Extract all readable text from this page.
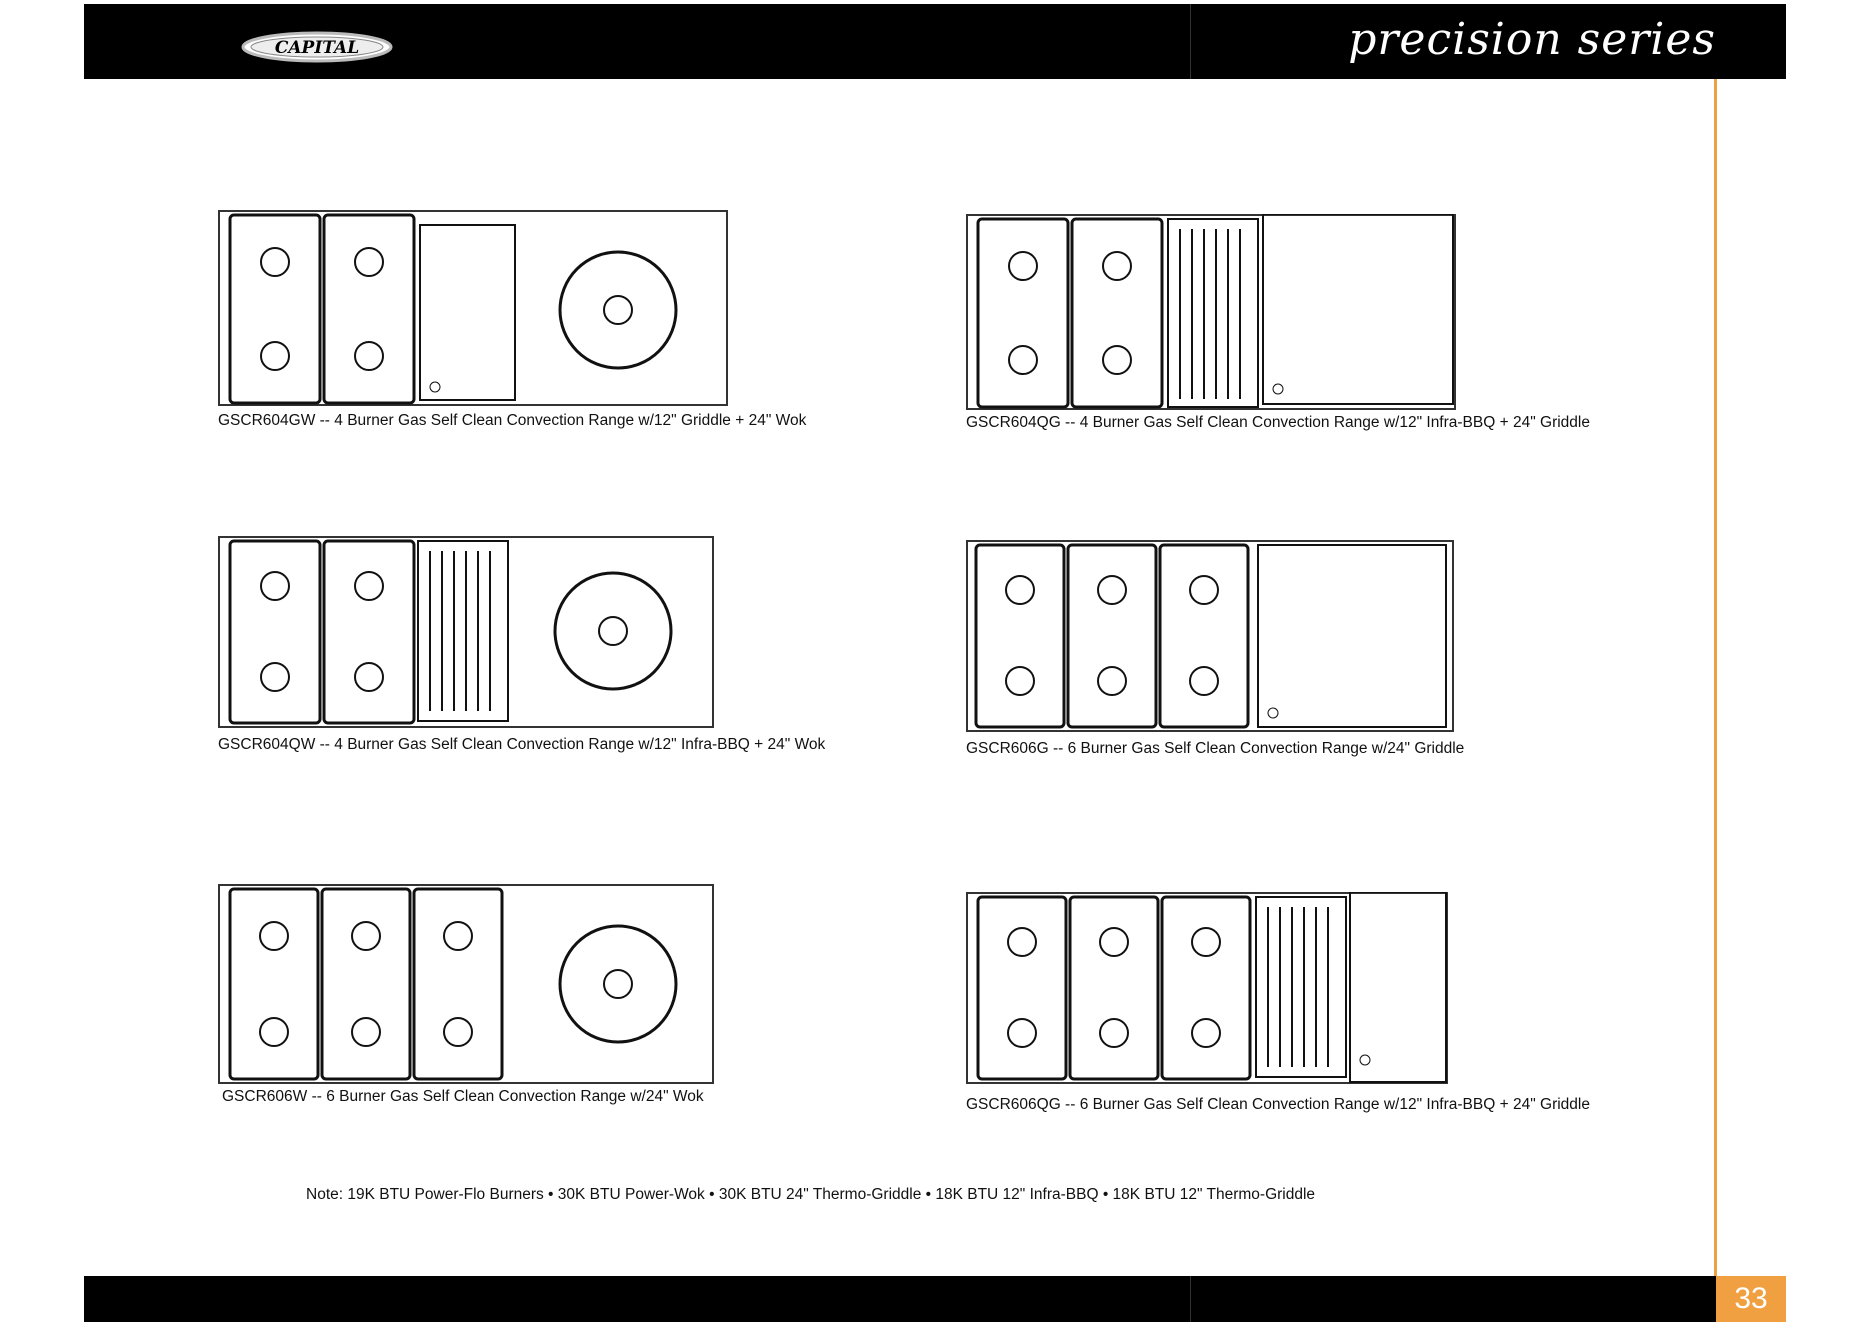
CAPITAL	precision series
GSCR604GW -- 4 Burner Gas Self Clean Convection Range w/12" Griddle + 24" Wok	GSCR604QG -- 4 Burner Gas Self Clean Convection Range w/12" Infra-BBQ + 24" Griddle
GSCR604QW -- 4 Burner Gas Self Clean Convection Range w/12" Infra-BBQ + 24" Wok	GSCR606G -- 6 Burner Gas Self Clean Convection Range w/24" Griddle
GSCR606W -- 6 Burner Gas Self Clean Convection Range w/24" Wok	GSCR606QG -- 6 Burner Gas Self Clean Convection Range w/12" Infra-BBQ + 24" Griddle
Note: 19K BTU Power-Flo Burners • 30K BTU Power-Wok • 30K BTU 24" Thermo-Griddle • 18K BTU 12" Infra-BBQ • 18K BTU 12" Thermo-Griddle
33
